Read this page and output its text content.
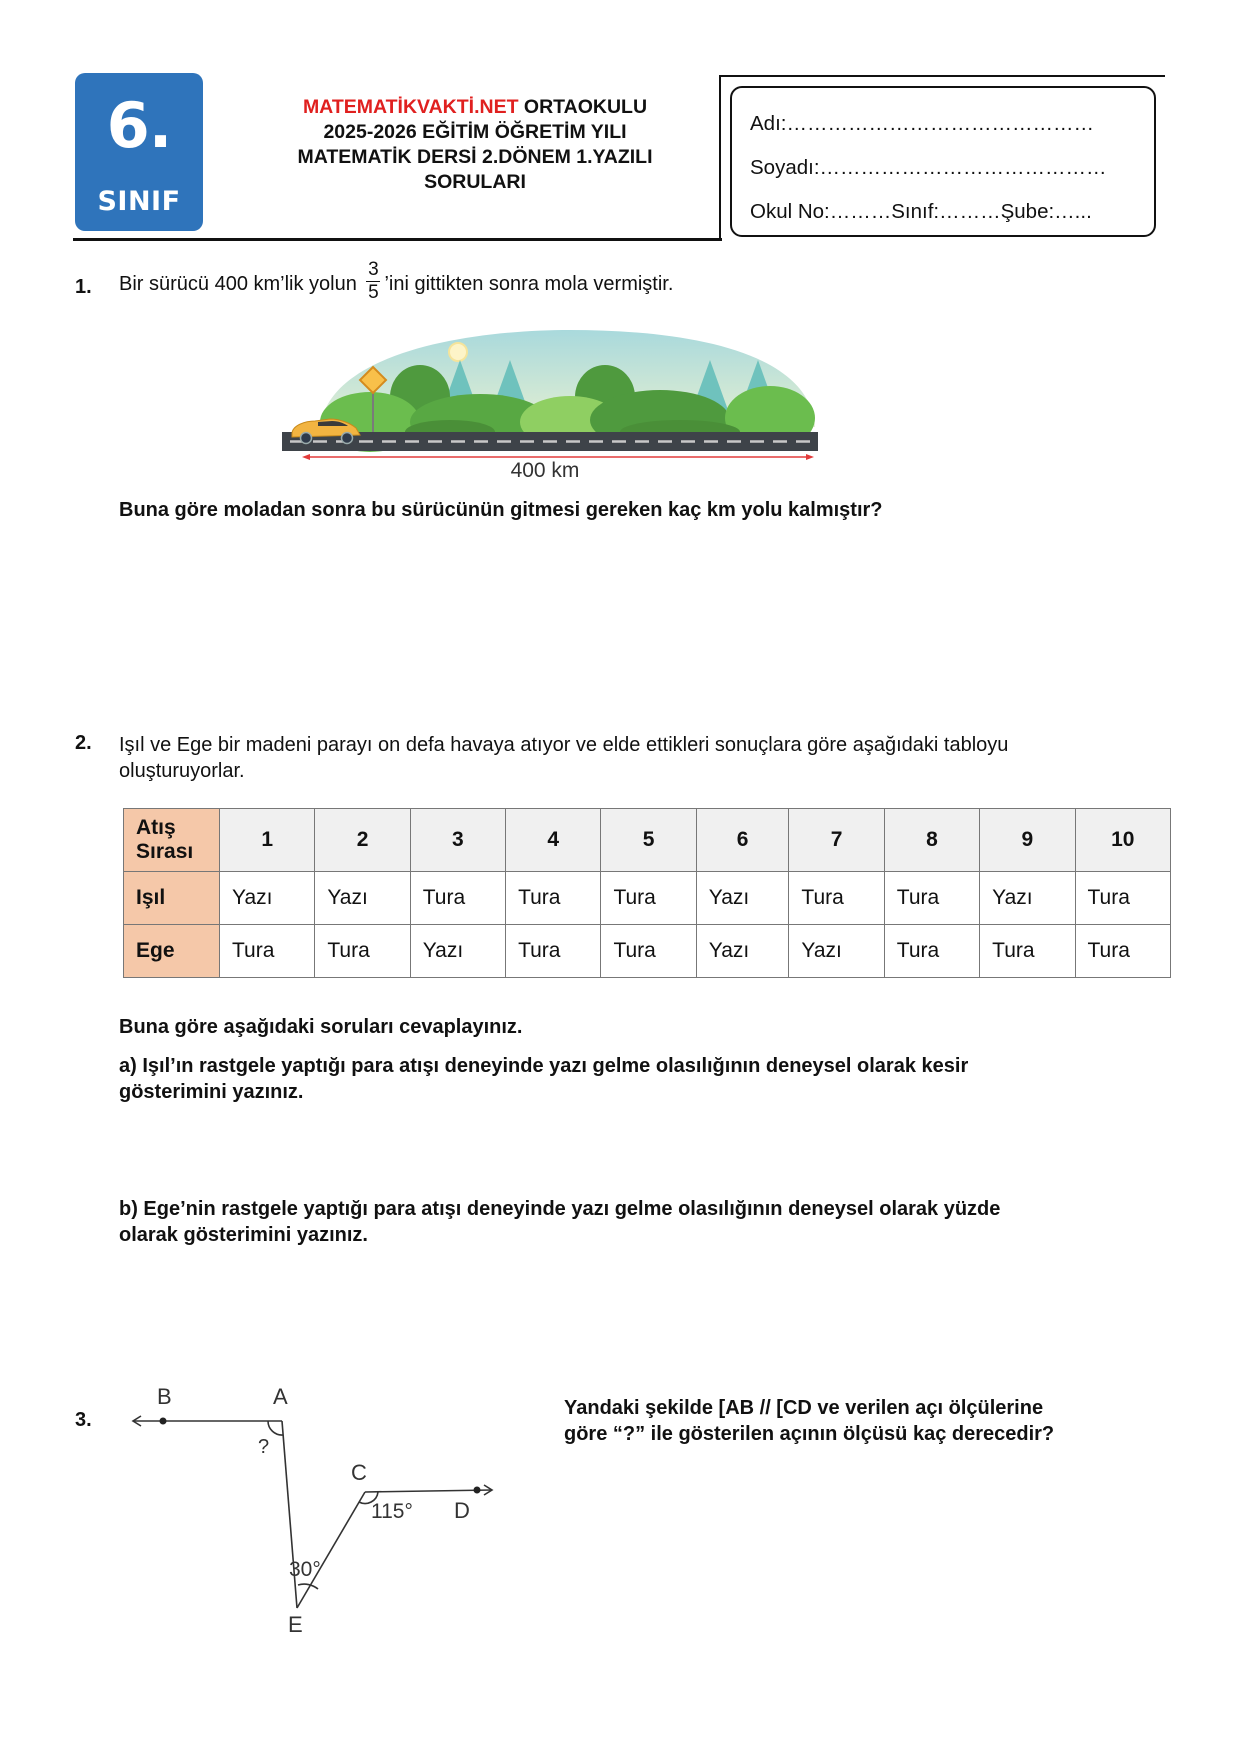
6.
SINIF
MATEMATİKVAKTİ.NET ORTAOKULU
2025-2026 EĞİTİM ÖĞRETİM YILI
MATEMATİK DERSİ 2.DÖNEM 1.YAZILI
SORULARI
Adı:………………………………………
Soyadı:……………………………………
Okul No:………Sınıf:………Şube:…...
1. Bir sürücü 400 km’lik yolun $\frac{3}{5}$ ’ini gittikten sonra mola vermiştir.
400 km
Buna göre moladan sonra bu sürücünün gitmesi gereken kaç km yolu kalmıştır?
2. Işıl ve Ege bir madeni parayı on defa havaya atıyor ve elde ettikleri sonuçlara göre aşağıdaki tabloyu
oluşturuyorlar.
Atış
Sırası	1	2	3	4	5	6	7	8	9	10
Işıl	Yazı	Yazı	Tura	Tura	Tura	Yazı	Tura	Tura	Yazı	Tura
Ege	Tura	Tura	Yazı	Tura	Tura	Yazı	Yazı	Tura	Tura	Tura
Buna göre aşağıdaki soruları cevaplayınız.
a) Işıl’ın rastgele yaptığı para atışı deneyinde yazı gelme olasılığının deneysel olarak kesir
gösterimini yazınız.
b) Ege’nin rastgele yaptığı para atışı deneyinde yazı gelme olasılığının deneysel olarak yüzde
olarak gösterimini yazınız.
3.
B	A
C
D
E
?
115°
30°
Yandaki şekilde [AB // [CD ve verilen açı ölçülerine
göre “?” ile gösterilen açının ölçüsü kaç derecedir?
